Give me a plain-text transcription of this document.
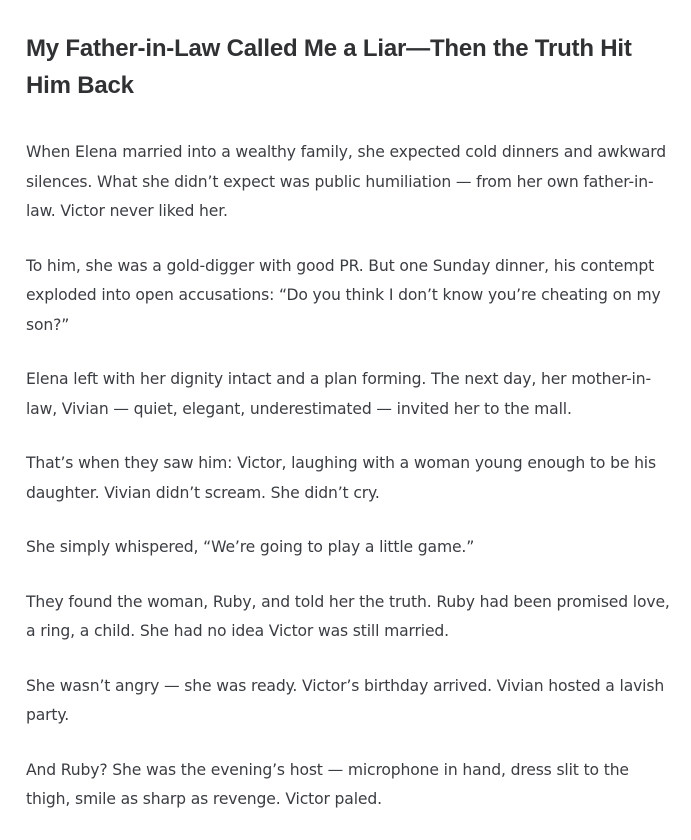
My Father-in-Law Called Me a Liar—Then the Truth Hit Him Back

When Elena married into a wealthy family, she expected cold dinners and awkward silences. What she didn’t expect was public humiliation — from her own father-in-law. Victor never liked her.

To him, she was a gold-digger with good PR. But one Sunday dinner, his contempt exploded into open accusations: “Do you think I don’t know you’re cheating on my son?”

Elena left with her dignity intact and a plan forming. The next day, her mother-in-law, Vivian — quiet, elegant, underestimated — invited her to the mall.

That’s when they saw him: Victor, laughing with a woman young enough to be his daughter. Vivian didn’t scream. She didn’t cry.

She simply whispered, “We’re going to play a little game.”

They found the woman, Ruby, and told her the truth. Ruby had been promised love, a ring, a child. She had no idea Victor was still married.

She wasn’t angry — she was ready. Victor’s birthday arrived. Vivian hosted a lavish party.

And Ruby? She was the evening’s host — microphone in hand, dress slit to the thigh, smile as sharp as revenge. Victor paled.
